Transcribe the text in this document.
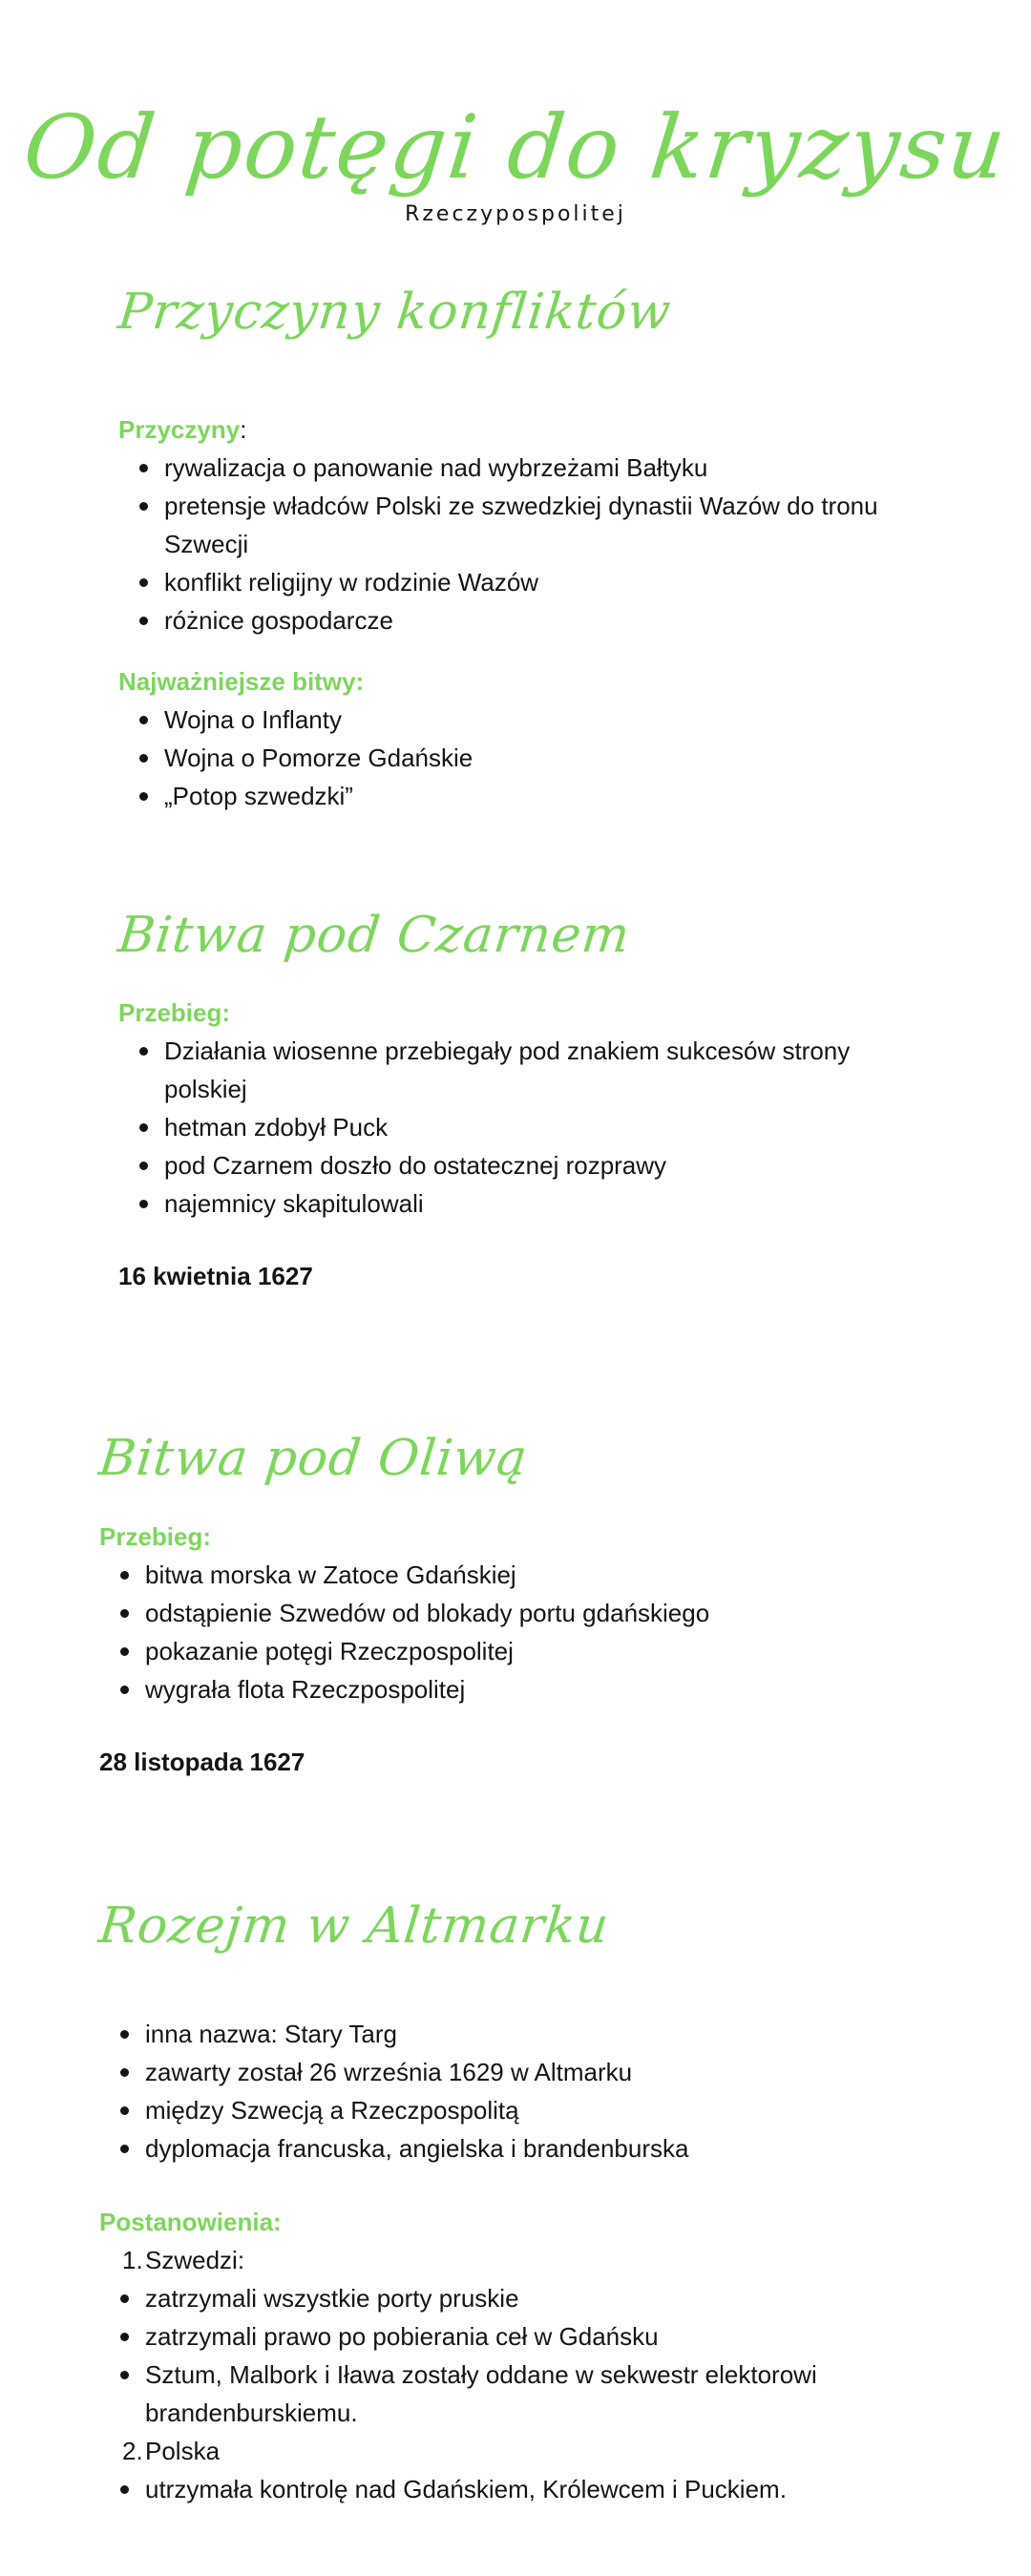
Od potęgi do kryzysu
Rzeczypospolitej
Przyczyny konfliktów

Przyczyny:

rywalizacja o panowanie nad wybrzeżami Bałtyku
pretensje władców Polski ze szwedzkiej dynastii Wazów do tronu Szwecji
konflikt religijny w rodzinie Wazów
różnice gospodarcze

Najważniejsze bitwy:

Wojna o Inflanty
Wojna o Pomorze Gdańskie
„Potop szwedzki”
Bitwa pod Czarnem

Przebieg:

Działania wiosenne przebiegały pod znakiem sukcesów strony polskiej
hetman zdobył Puck
pod Czarnem doszło do ostatecznej rozprawy
najemnicy skapitulowali

16 kwietnia 1627

Bitwa pod Oliwą

Przebieg:

bitwa morska w Zatoce Gdańskiej
odstąpienie Szwedów od blokady portu gdańskiego
pokazanie potęgi Rzeczpospolitej
wygrała flota Rzeczpospolitej

28 listopada 1627

Rozejm w Altmarku
inna nazwa: Stary Targ
zawarty został 26 września 1629 w Altmarku
między Szwecją a Rzeczpospolitą
dyplomacja francuska, angielska i brandenburska

Postanowienia:

1. Szwedzi:
zatrzymali wszystkie porty pruskie
zatrzymali prawo po pobierania ceł w Gdańsku
Sztum, Malbork i Iława zostały oddane w sekwestr elektorowi brandenburskiemu.
2. Polska
utrzymała kontrolę nad Gdańskiem, Królewcem i Puckiem.
